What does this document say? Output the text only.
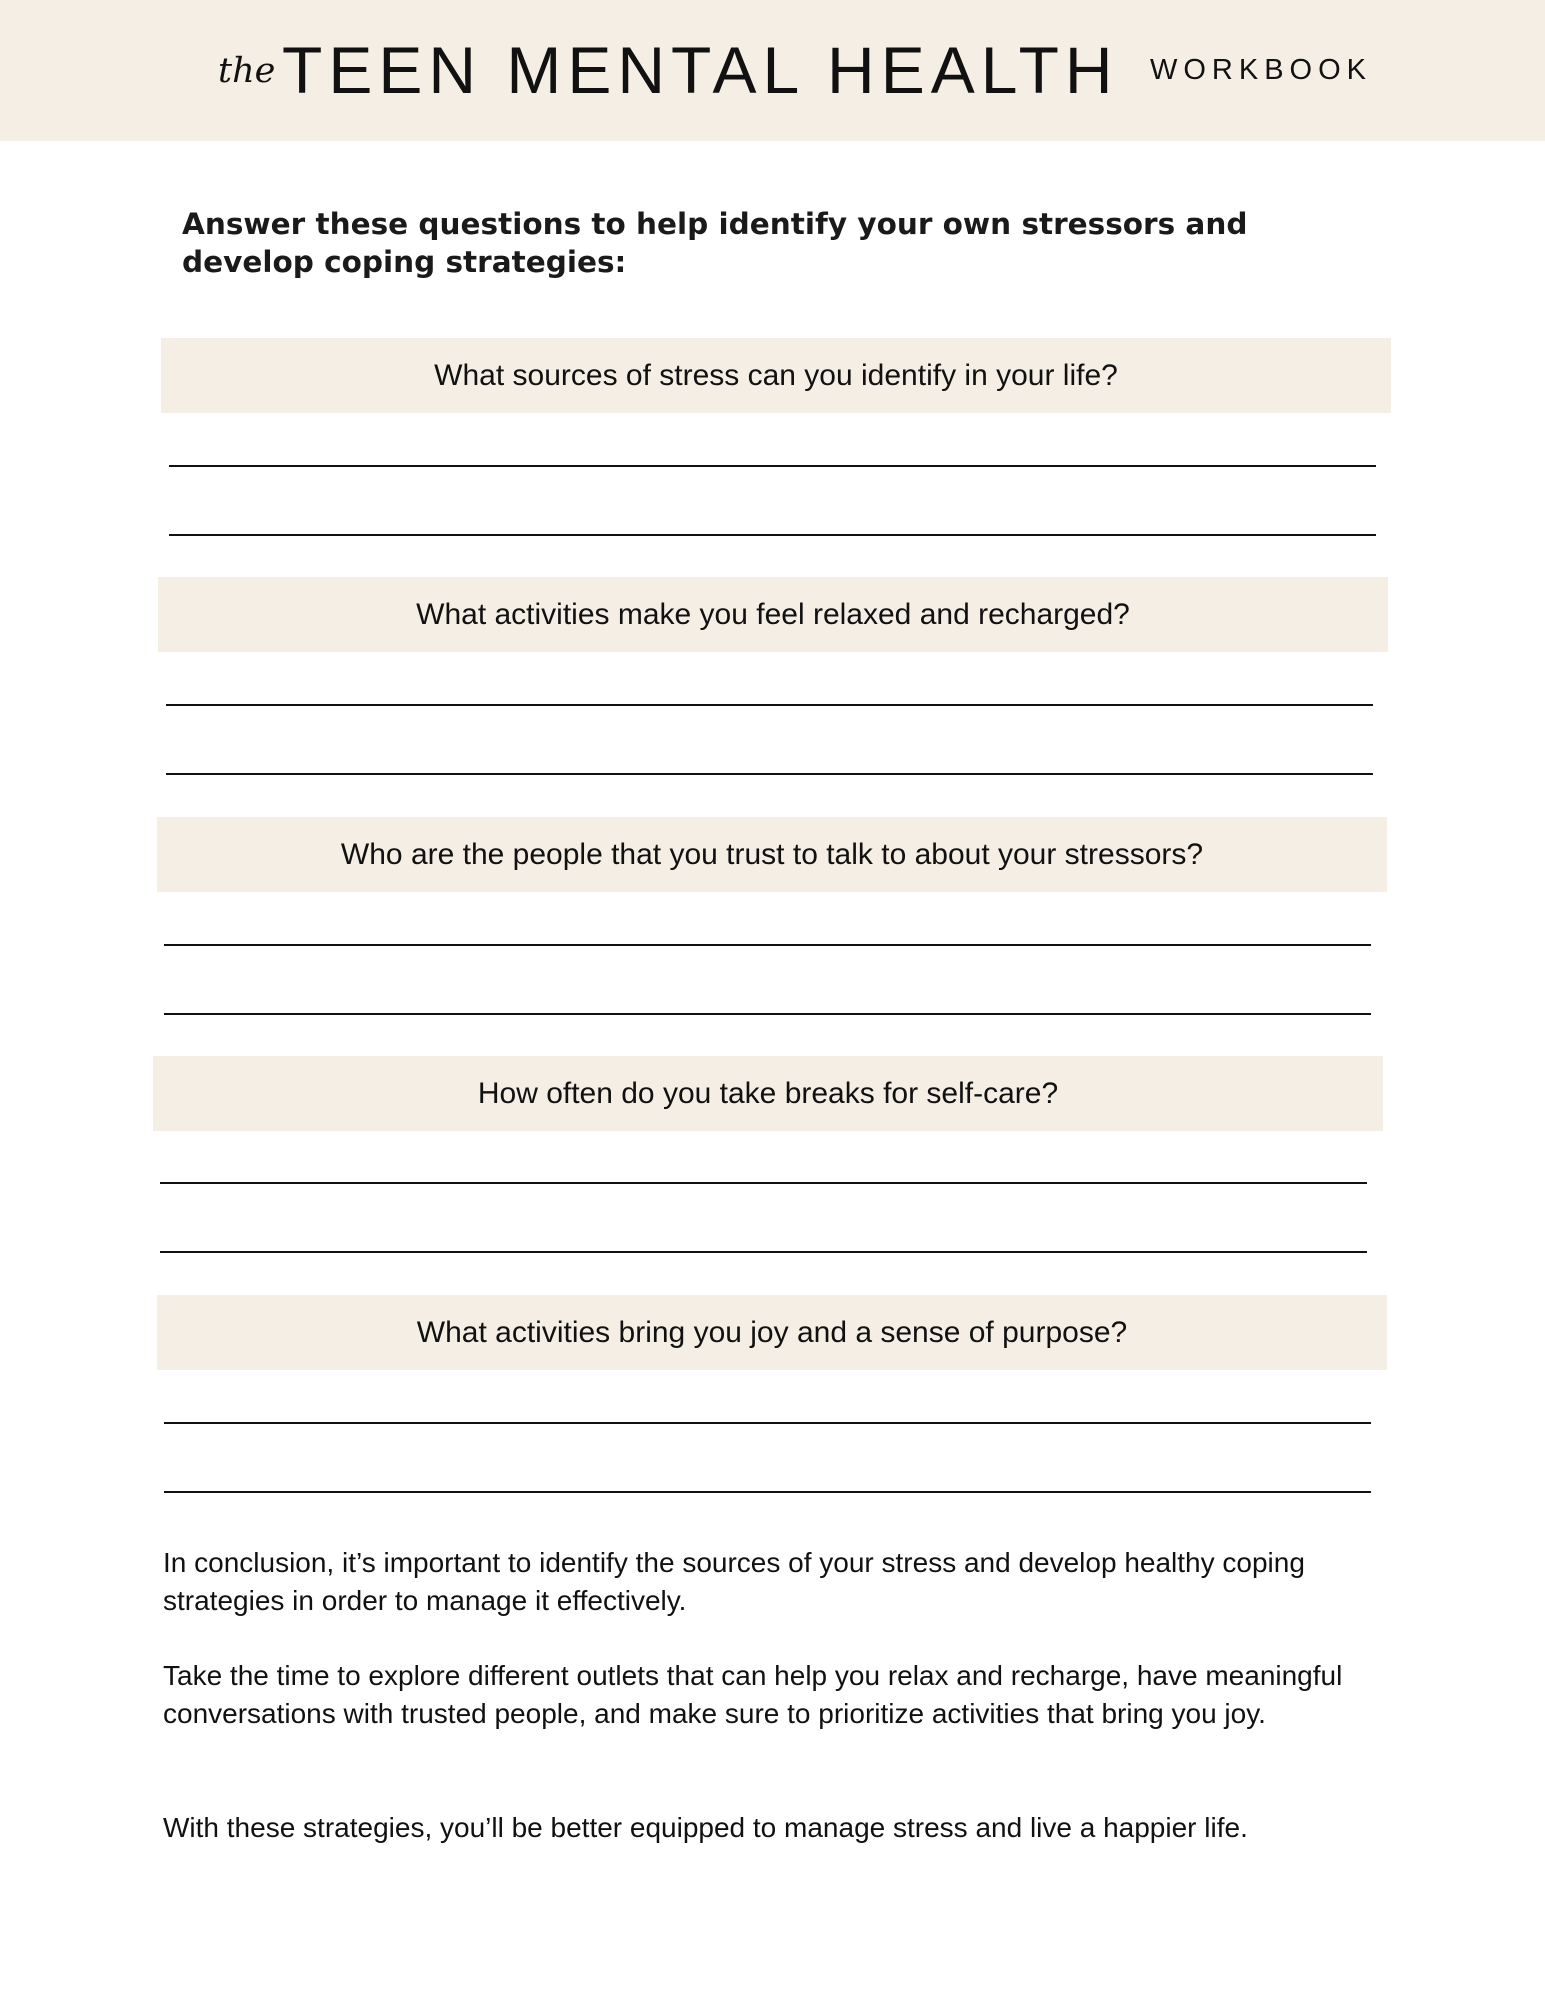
the TEEN MENTAL HEALTH WORKBOOK
Answer these questions to help identify your own stressors and develop coping strategies:
What sources of stress can you identify in your life?
What activities make you feel relaxed and recharged?
Who are the people that you trust to talk to about your stressors?
How often do you take breaks for self-care?
What activities bring you joy and a sense of purpose?

In conclusion, it’s important to identify the sources of your stress and develop healthy coping strategies in order to manage it effectively.

Take the time to explore different outlets that can help you relax and recharge, have meaningful conversations with trusted people, and make sure to prioritize activities that bring you joy.

With these strategies, you’ll be better equipped to manage stress and live a happier life.
